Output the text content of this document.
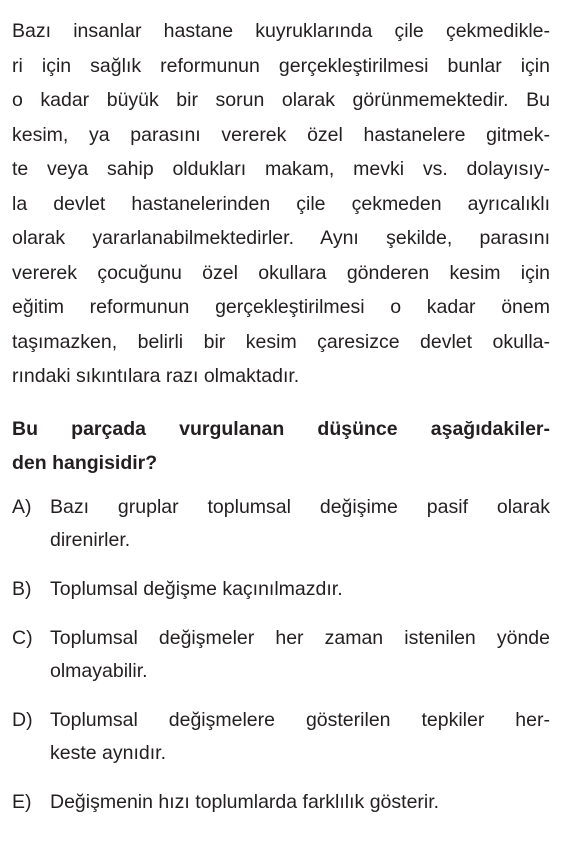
Bazı insanlar hastane kuyruklarında çile çekmedikle-
ri için sağlık reformunun gerçekleştirilmesi bunlar için
o kadar büyük bir sorun olarak görünmemektedir. Bu
kesim, ya parasını vererek özel hastanelere gitmek-
te veya sahip oldukları makam, mevki vs. dolayısıy-
la devlet hastanelerinden çile çekmeden ayrıcalıklı
olarak yararlanabilmektedirler. Aynı şekilde, parasını
vererek çocuğunu özel okullara gönderen kesim için
eğitim reformunun gerçekleştirilmesi o kadar önem
taşımazken, belirli bir kesim çaresizce devlet okulla-
rındaki sıkıntılara razı olmaktadır.
Bu parçada vurgulanan düşünce aşağıdakiler-
den hangisidir?
A) Bazı gruplar toplumsal değişime pasif olarak
direnirler.
B) Toplumsal değişme kaçınılmazdır.
C) Toplumsal değişmeler her zaman istenilen yönde
olmayabilir.
D) Toplumsal değişmelere gösterilen tepkiler her-
keste aynıdır.
E) Değişmenin hızı toplumlarda farklılık gösterir.
